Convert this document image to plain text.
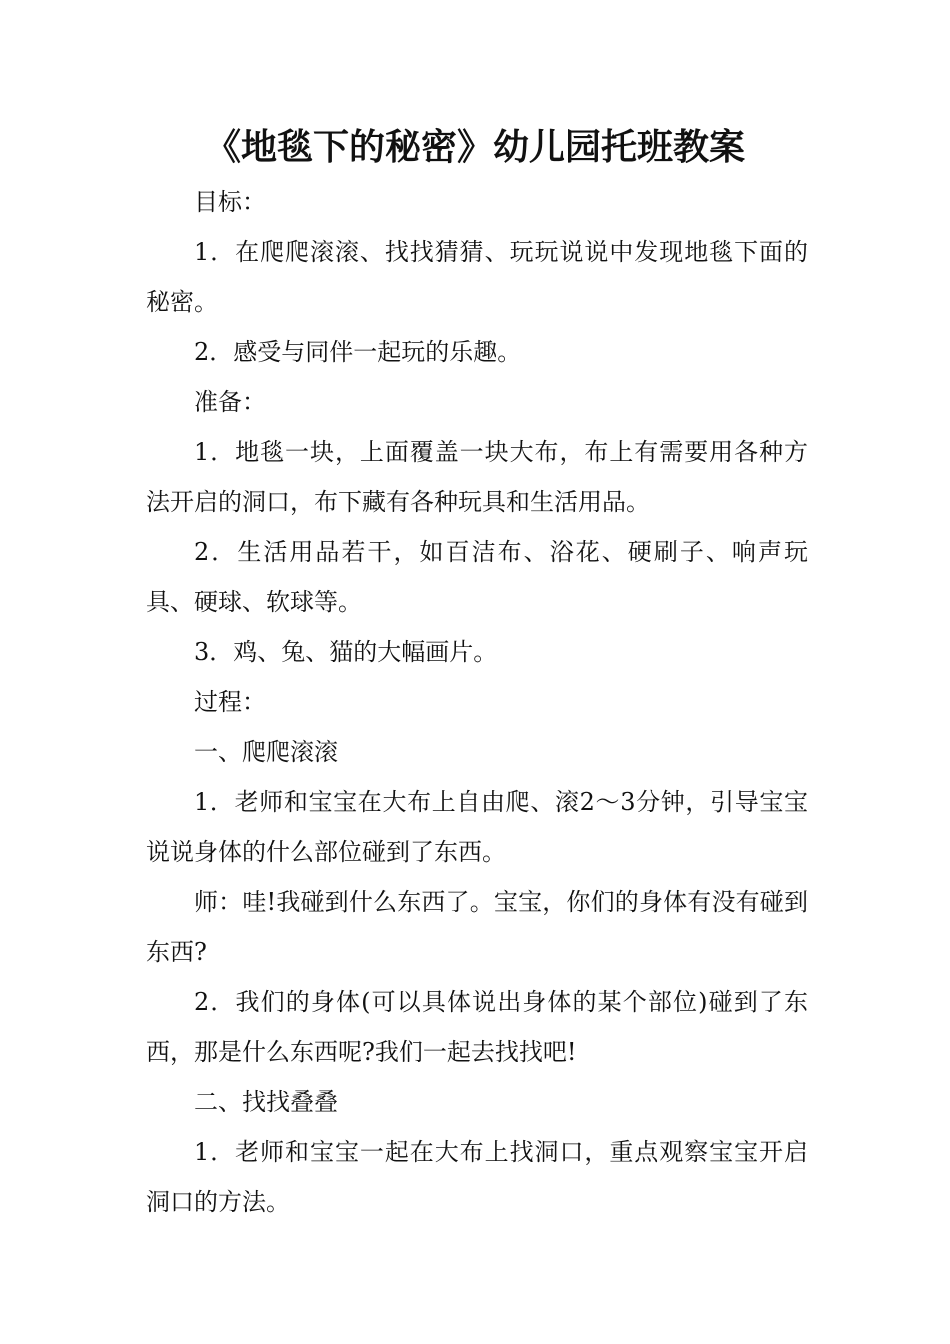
《地毯下的秘密》幼儿园托班教案

目标：

1．在爬爬滚滚、找找猜猜、玩玩说说中发现地毯下面的秘密。

2．感受与同伴一起玩的乐趣。

准备：

1．地毯一块，上面覆盖一块大布，布上有需要用各种方法开启的洞口，布下藏有各种玩具和生活用品。

2．生活用品若干，如百洁布、浴花、硬刷子、响声玩具、硬球、软球等。

3．鸡、兔、猫的大幅画片。

过程：

一、爬爬滚滚

1．老师和宝宝在大布上自由爬、滚2～3分钟，引导宝宝说说身体的什么部位碰到了东西。

师：哇!我碰到什么东西了。宝宝，你们的身体有没有碰到东西?

2．我们的身体(可以具体说出身体的某个部位)碰到了东西，那是什么东西呢?我们一起去找找吧!

二、找找叠叠

1．老师和宝宝一起在大布上找洞口，重点观察宝宝开启洞口的方法。
